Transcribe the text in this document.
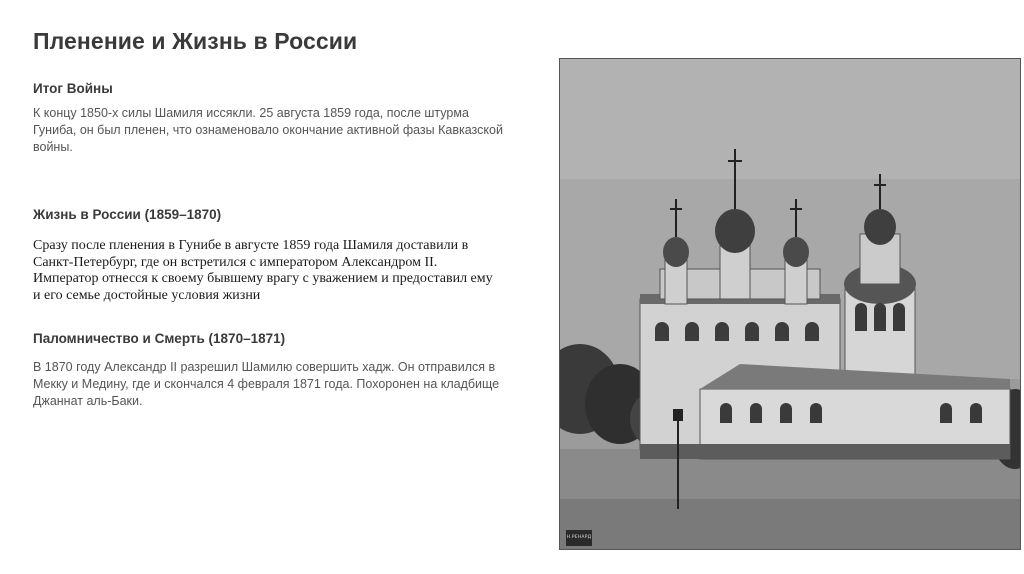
Пленение и Жизнь в России
Итог Войны
К концу 1850-х силы Шамиля иссякли. 25 августа 1859 года, после штурма Гуниба, он был пленен, что ознаменовало окончание активной фазы Кавказской войны.
Жизнь в России (1859–1870)
Сразу после пленения в Гунибе в августе 1859 года Шамиля доставили в Санкт-Петербург, где он встретился с императором Александром II. Император отнесся к своему бывшему врагу с уважением и предоставил ему и его семье достойные условия жизни
Паломничество и Смерть (1870–1871)
В 1870 году Александр II разрешил Шамилю совершить хадж. Он отправился в Мекку и Медину, где и скончался 4 февраля 1871 года. Похоронен на кладбище Джаннат аль-Баки.
Н.РЕНАРД
